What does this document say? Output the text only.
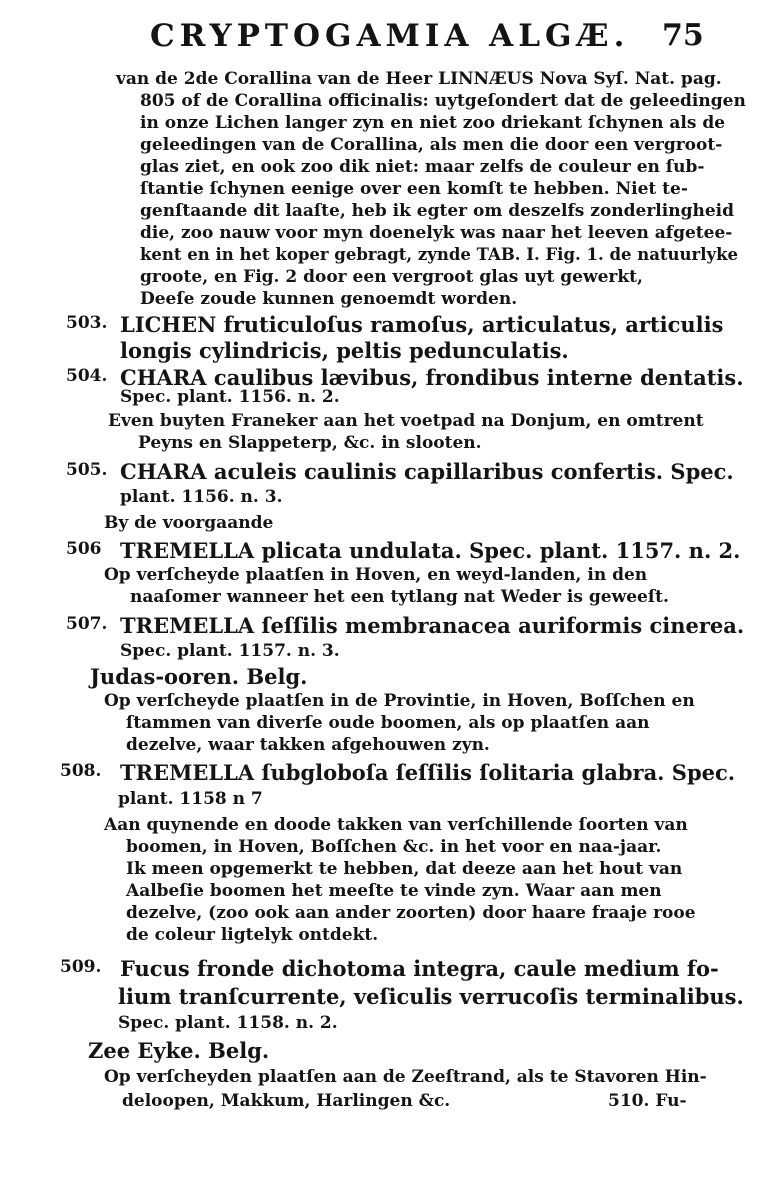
CRYPTOGAMIA ALGÆ.	75
van de 2de Corallina van de Heer LINNÆUS Nova Syſ. Nat. pag.
805 of de Corallina officinalis: uytgeſondert dat de geleedingen
in onze Lichen langer zyn en niet zoo driekant ſchynen als de
geleedingen van de Corallina, als men die door een vergroot-
glas ziet, en ook zoo dik niet: maar zelfs de couleur en ſub-
ſtantie ſchynen eenige over een komſt te hebben. Niet te-
genſtaande dit laaſte, heb ik egter om deszelfs zonderlingheid
die, zoo nauw voor myn doenelyk was naar het leeven afgetee-
kent en in het koper gebragt, zynde TAB. I. Fig. 1. de natuurlyke
groote, en Fig. 2 door een vergroot glas uyt gewerkt,
Deeſe zoude kunnen genoemdt worden.
503. LICHEN fruticuloſus ramoſus, articulatus, articulis
longis cylindricis, peltis pedunculatis.
504. CHARA caulibus lævibus, frondibus interne dentatis.
Spec. plant. 1156. n. 2.
Even buyten Franeker aan het voetpad na Donjum, en omtrent
Peyns en Slappeterp, &c. in slooten.
505. CHARA aculeis caulinis capillaribus confertis. Spec.
plant. 1156. n. 3.
By de voorgaande
506 TREMELLA plicata undulata. Spec. plant. 1157. n. 2.
Op verſcheyde plaatſen in Hoven, en weyd-landen, in den
naaſomer wanneer het een tytlang nat Weder is geweeſt.
507. TREMELLA ſeſſilis membranacea auriformis cinerea.
Spec. plant. 1157. n. 3.
Judas-ooren. Belg.
Op verſcheyde plaatſen in de Provintie, in Hoven, Boſſchen en
ſtammen van diverſe oude boomen, als op plaatſen aan
dezelve, waar takken afgehouwen zyn.
508. TREMELLA ſubgloboſa ſeſſilis ſolitaria glabra. Spec.
plant. 1158 n 7
Aan quynende en doode takken van verſchillende ſoorten van
boomen, in Hoven, Boſſchen &c. in het voor en naa-jaar.
Ik meen opgemerkt te hebben, dat deeze aan het hout van
Aalbeſie boomen het meeſte te vinde zyn. Waar aan men
dezelve, (zoo ook aan ander zoorten) door haare fraaje rooe
de coleur ligtelyk ontdekt.
509. Fucus fronde dichotoma integra, caule medium fo-
lium tranſcurrente, veſiculis verrucoſis terminalibus.
Spec. plant. 1158. n. 2.
Zee Eyke. Belg.
Op verſcheyden plaatſen aan de Zeeſtrand, als te Stavoren Hin-
deloopen, Makkum, Harlingen &c.	510. Fu-
